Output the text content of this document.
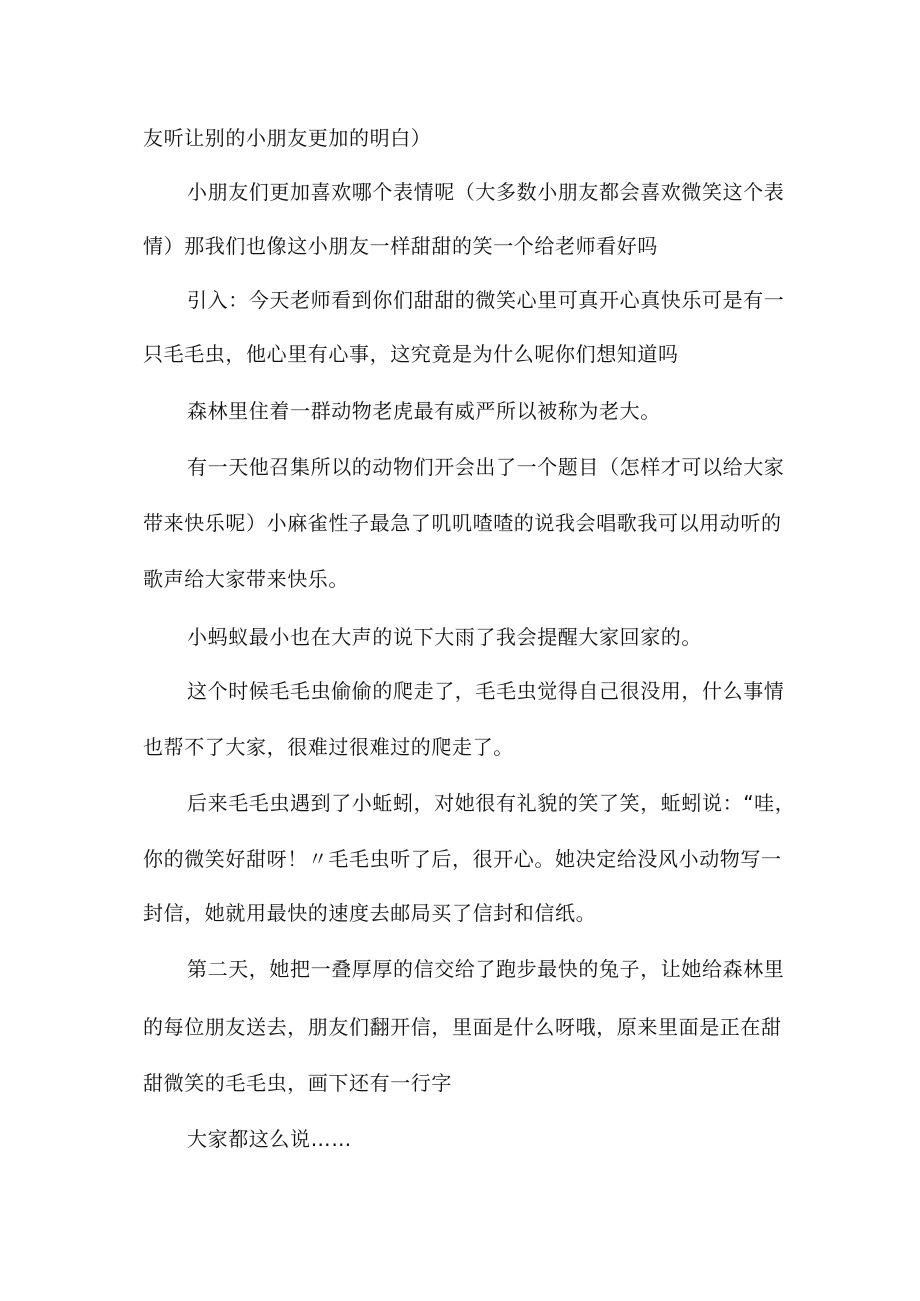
友听让别的小朋友更加的明白）
小朋友们更加喜欢哪个表情呢（大多数小朋友都会喜欢微笑这个表
情）那我们也像这小朋友一样甜甜的笑一个给老师看好吗
引入：今天老师看到你们甜甜的微笑心里可真开心真快乐可是有一
只毛毛虫，他心里有心事，这究竟是为什么呢你们想知道吗
森林里住着一群动物老虎最有威严所以被称为老大。
有一天他召集所以的动物们开会出了一个题目（怎样才可以给大家
带来快乐呢）小麻雀性子最急了叽叽喳喳的说我会唱歌我可以用动听的
歌声给大家带来快乐。
小蚂蚁最小也在大声的说下大雨了我会提醒大家回家的。
这个时候毛毛虫偷偷的爬走了，毛毛虫觉得自己很没用，什么事情
也帮不了大家，很难过很难过的爬走了。
后来毛毛虫遇到了小蚯蚓，对她很有礼貌的笑了笑，蚯蚓说：“哇，
你的微笑好甜呀！〃毛毛虫听了后，很开心。她决定给没风小动物写一
封信，她就用最快的速度去邮局买了信封和信纸。
第二天，她把一叠厚厚的信交给了跑步最快的兔子，让她给森林里
的每位朋友送去，朋友们翻开信，里面是什么呀哦，原来里面是正在甜
甜微笑的毛毛虫，画下还有一行字
大家都这么说……
